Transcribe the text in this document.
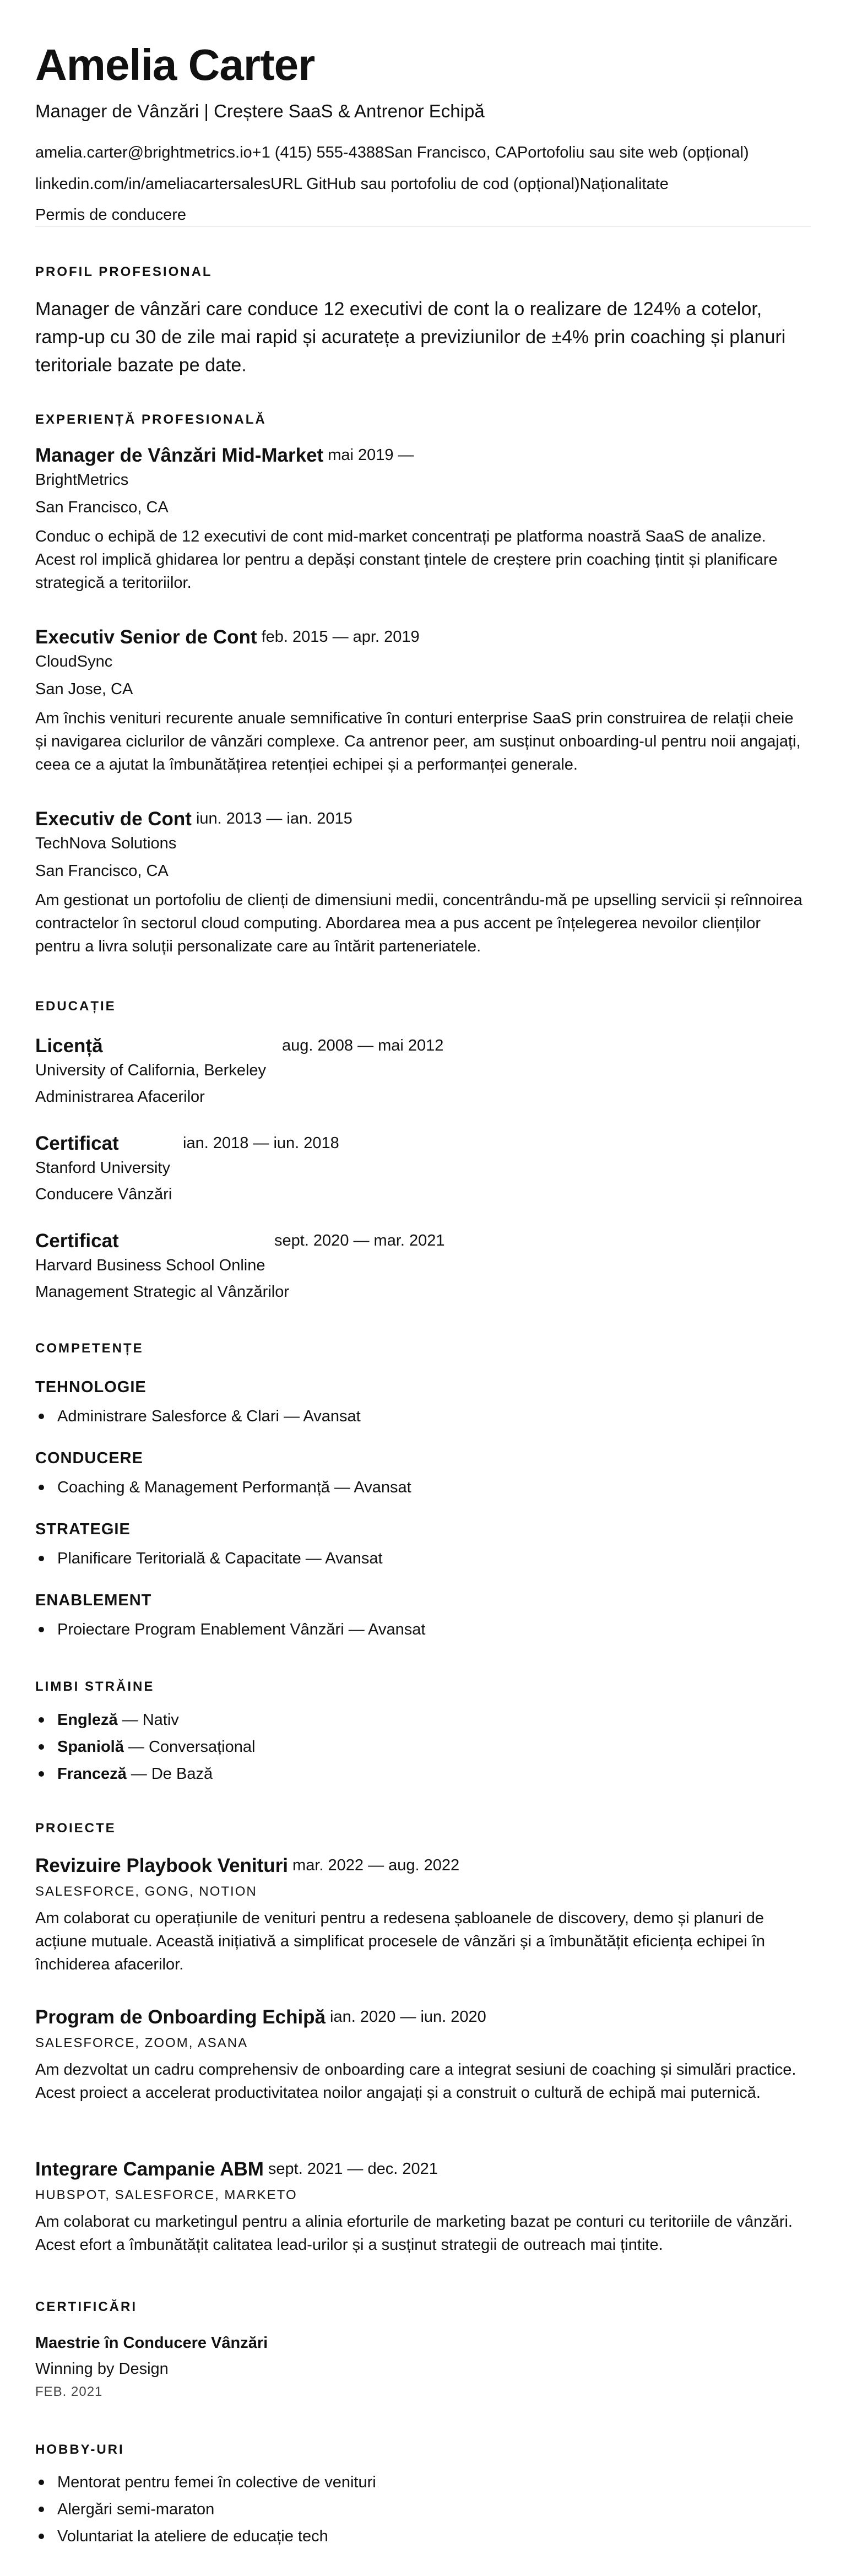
Amelia Carter
Manager de Vânzări | Creștere SaaS & Antrenor Echipă
amelia.carter@brightmetrics.io+1 (415) 555-4388San Francisco, CAPortofoliu sau site web (opțional)
linkedin.com/in/ameliacartersalesURL GitHub sau portofoliu de cod (opțional)Naționalitate
Permis de conducere
PROFIL PROFESIONAL
Manager de vânzări care conduce 12 executivi de cont la o realizare de 124% a cotelor, ramp-up cu 30 de zile mai rapid și acuratețe a previziunilor de ±4% prin coaching și planuri teritoriale bazate pe date.
EXPERIENȚĂ PROFESIONALĂ
Manager de Vânzări Mid-Market mai 2019 —
BrightMetrics
San Francisco, CA
Conduc o echipă de 12 executivi de cont mid-market concentrați pe platforma noastră SaaS de analize. Acest rol implică ghidarea lor pentru a depăși constant țintele de creștere prin coaching țintit și planificare strategică a teritoriilor.
Executiv Senior de Cont feb. 2015 — apr. 2019
CloudSync
San Jose, CA
Am închis venituri recurente anuale semnificative în conturi enterprise SaaS prin construirea de relații cheie și navigarea ciclurilor de vânzări complexe. Ca antrenor peer, am susținut onboarding-ul pentru noii angajați, ceea ce a ajutat la îmbunătățirea retenției echipei și a performanței generale.
Executiv de Cont iun. 2013 — ian. 2015
TechNova Solutions
San Francisco, CA
Am gestionat un portofoliu de clienți de dimensiuni medii, concentrându-mă pe upselling servicii și reînnoirea contractelor în sectorul cloud computing. Abordarea mea a pus accent pe înțelegerea nevoilor clienților pentru a livra soluții personalizate care au întărit parteneriatele.
EDUCAȚIE
Licență	aug. 2008 — mai 2012
University of California, Berkeley
Administrarea Afacerilor
Certificat	ian. 2018 — iun. 2018
Stanford University
Conducere Vânzări
Certificat	sept. 2020 — mar. 2021
Harvard Business School Online
Management Strategic al Vânzărilor
COMPETENȚE
TEHNOLOGIE
Administrare Salesforce & Clari — Avansat
CONDUCERE
Coaching & Management Performanță — Avansat
STRATEGIE
Planificare Teritorială & Capacitate — Avansat
ENABLEMENT
Proiectare Program Enablement Vânzări — Avansat
LIMBI STRĂINE
Engleză — Nativ
Spaniolă — Conversațional
Franceză — De Bază
PROIECTE
Revizuire Playbook Venituri mar. 2022 — aug. 2022
SALESFORCE, GONG, NOTION
Am colaborat cu operațiunile de venituri pentru a redesena șabloanele de discovery, demo și planuri de acțiune mutuale. Această inițiativă a simplificat procesele de vânzări și a îmbunătățit eficiența echipei în închiderea afacerilor.
Program de Onboarding Echipă ian. 2020 — iun. 2020
SALESFORCE, ZOOM, ASANA
Am dezvoltat un cadru comprehensiv de onboarding care a integrat sesiuni de coaching și simulări practice. Acest proiect a accelerat productivitatea noilor angajați și a construit o cultură de echipă mai puternică.
Integrare Campanie ABM sept. 2021 — dec. 2021
HUBSPOT, SALESFORCE, MARKETO
Am colaborat cu marketingul pentru a alinia eforturile de marketing bazat pe conturi cu teritoriile de vânzări. Acest efort a îmbunătățit calitatea lead-urilor și a susținut strategii de outreach mai țintite.
CERTIFICĂRI
Maestrie în Conducere Vânzări
Winning by Design
FEB. 2021
HOBBY-URI
Mentorat pentru femei în colective de venituri
Alergări semi-maraton
Voluntariat la ateliere de educație tech
